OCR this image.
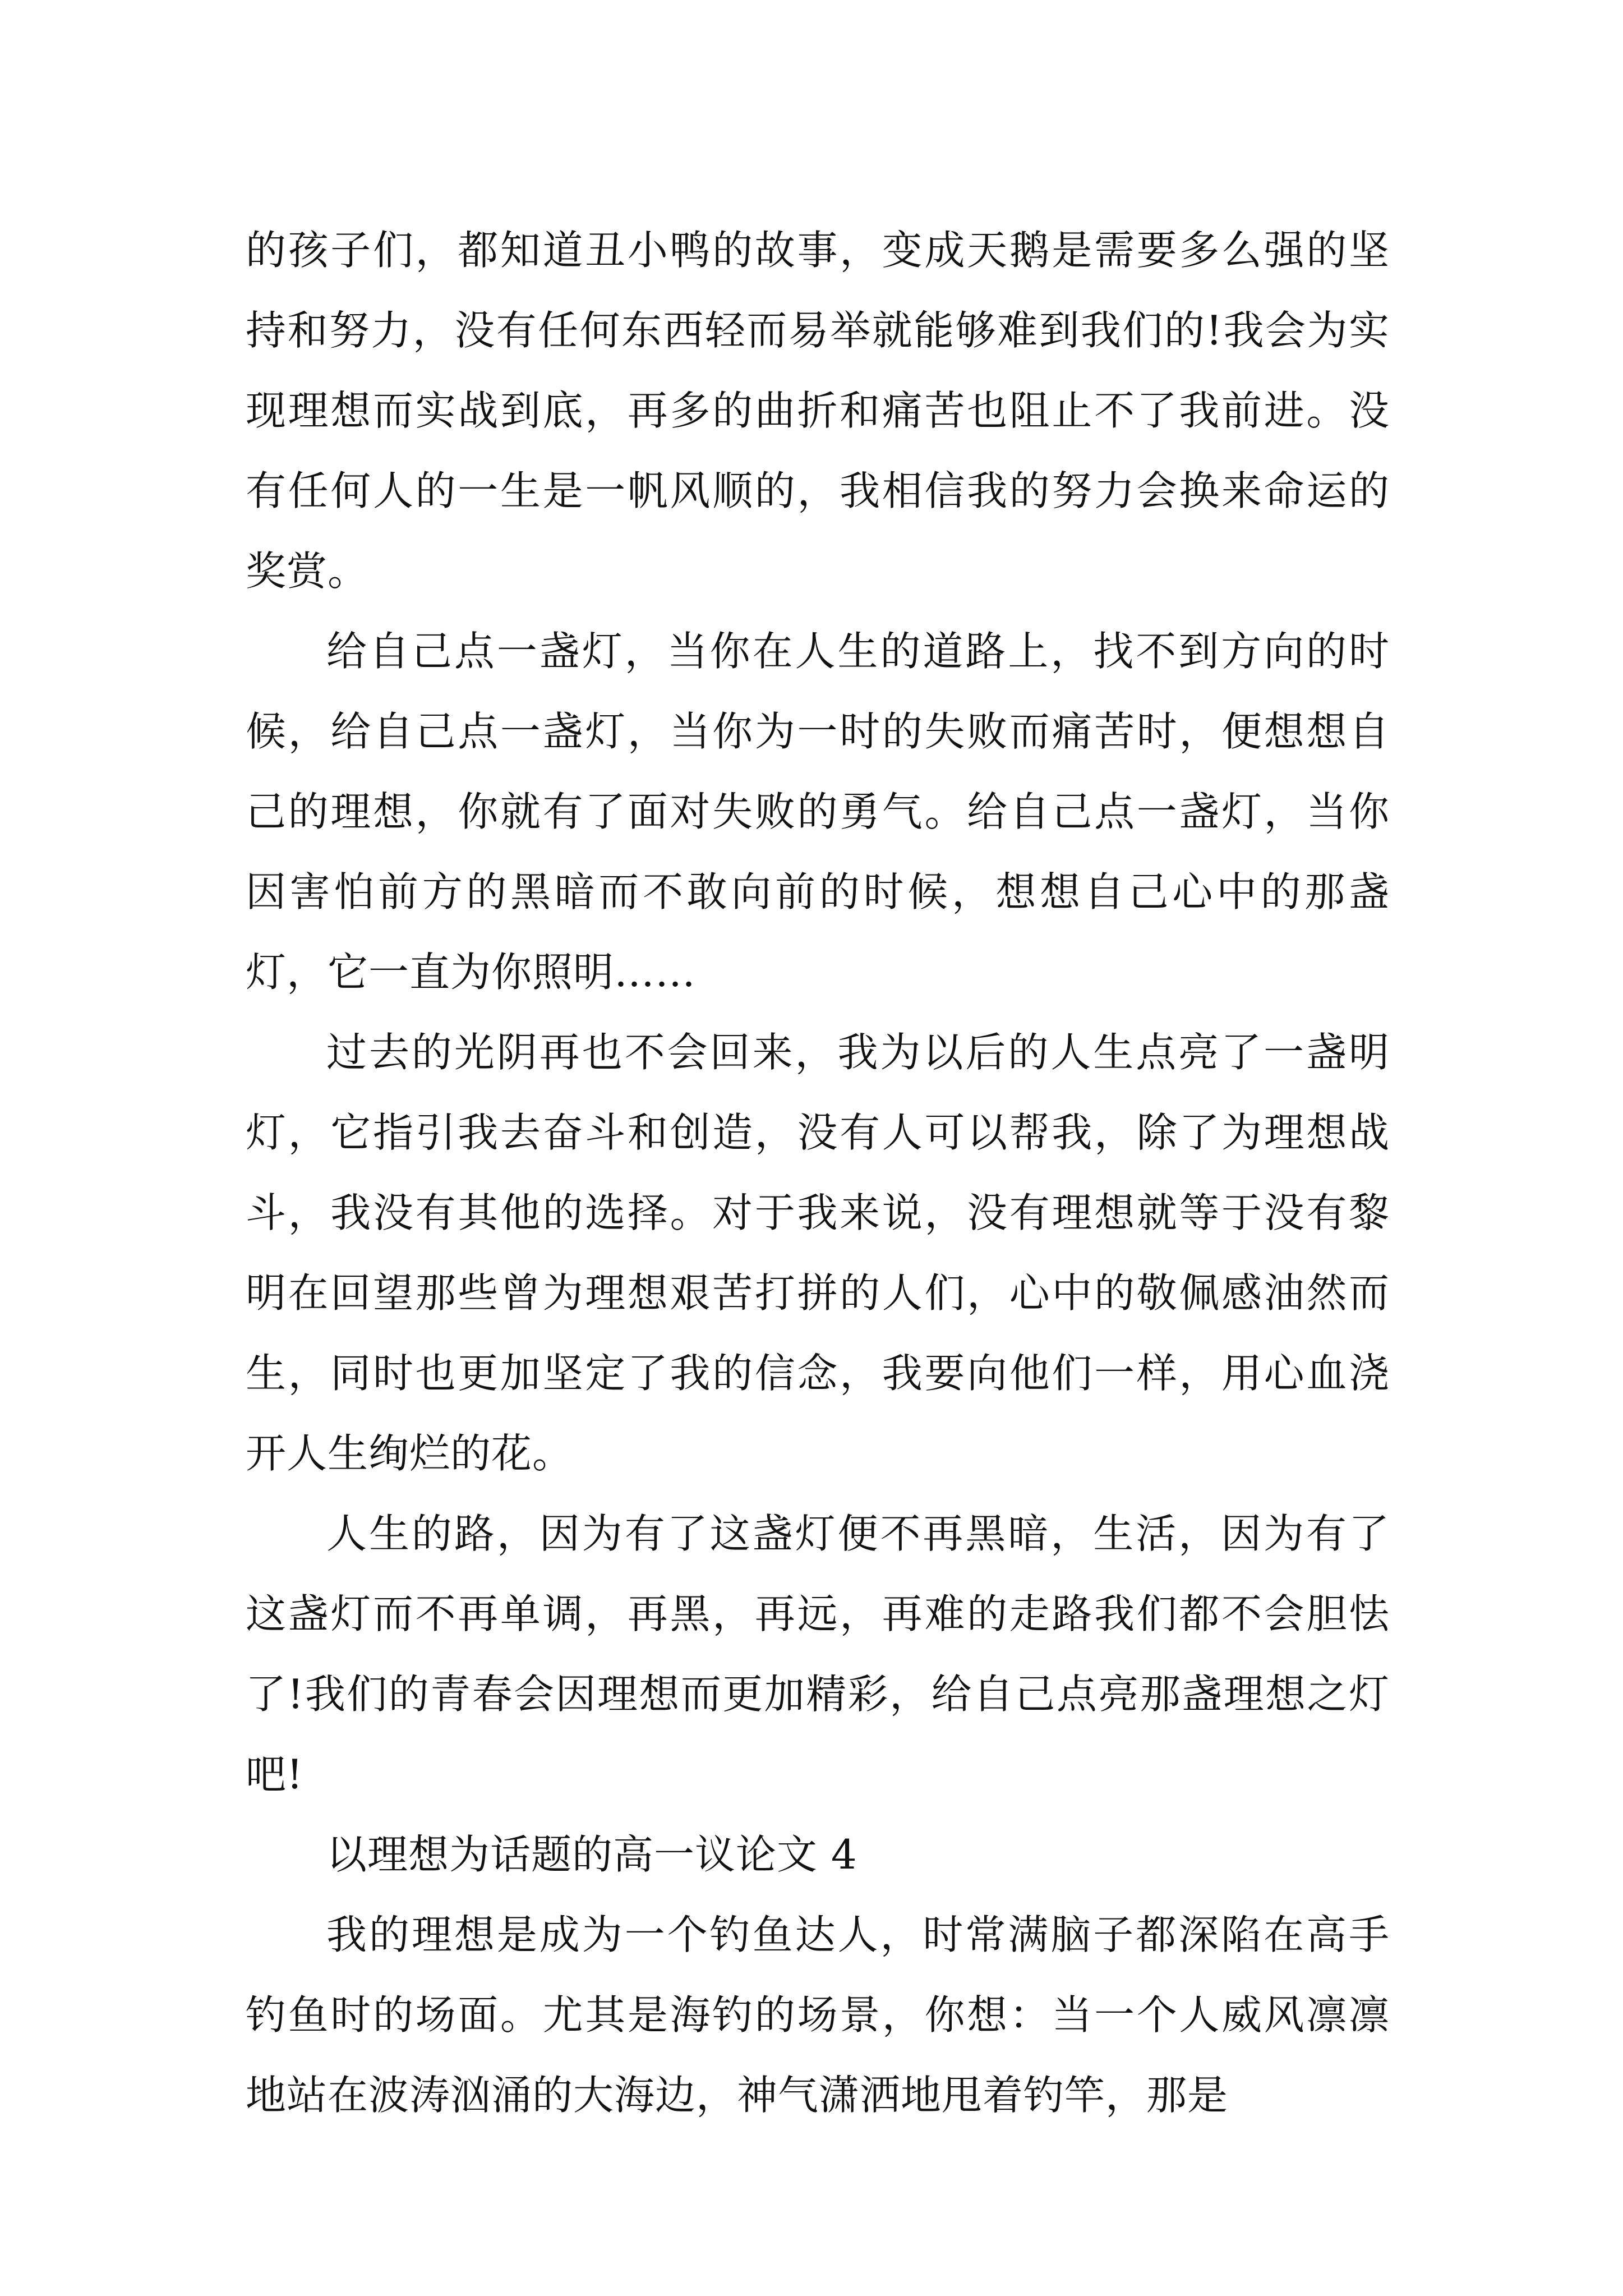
的孩子们，都知道丑小鸭的故事，变成天鹅是需要多么强的坚持和努力，没有任何东西轻而易举就能够难到我们的!我会为实现理想而实战到底，再多的曲折和痛苦也阻止不了我前进。没有任何人的一生是一帆风顺的，我相信我的努力会换来命运的奖赏。

给自己点一盏灯，当你在人生的道路上，找不到方向的时候，给自己点一盏灯，当你为一时的失败而痛苦时，便想想自己的理想，你就有了面对失败的勇气。给自己点一盏灯，当你因害怕前方的黑暗而不敢向前的时候，想想自己心中的那盏灯，它一直为你照明……

过去的光阴再也不会回来，我为以后的人生点亮了一盏明灯，它指引我去奋斗和创造，没有人可以帮我，除了为理想战斗，我没有其他的选择。对于我来说，没有理想就等于没有黎明在回望那些曾为理想艰苦打拼的人们，心中的敬佩感油然而生，同时也更加坚定了我的信念，我要向他们一样，用心血浇开人生绚烂的花。

人生的路，因为有了这盏灯便不再黑暗，生活，因为有了这盏灯而不再单调，再黑，再远，再难的走路我们都不会胆怯了!我们的青春会因理想而更加精彩，给自己点亮那盏理想之灯吧!

以理想为话题的高一议论文 4

我的理想是成为一个钓鱼达人，时常满脑子都深陷在高手钓鱼时的场面。尤其是海钓的场景，你想：当一个人威风凛凛地站在波涛汹涌的大海边，神气潇洒地甩着钓竿，那是
